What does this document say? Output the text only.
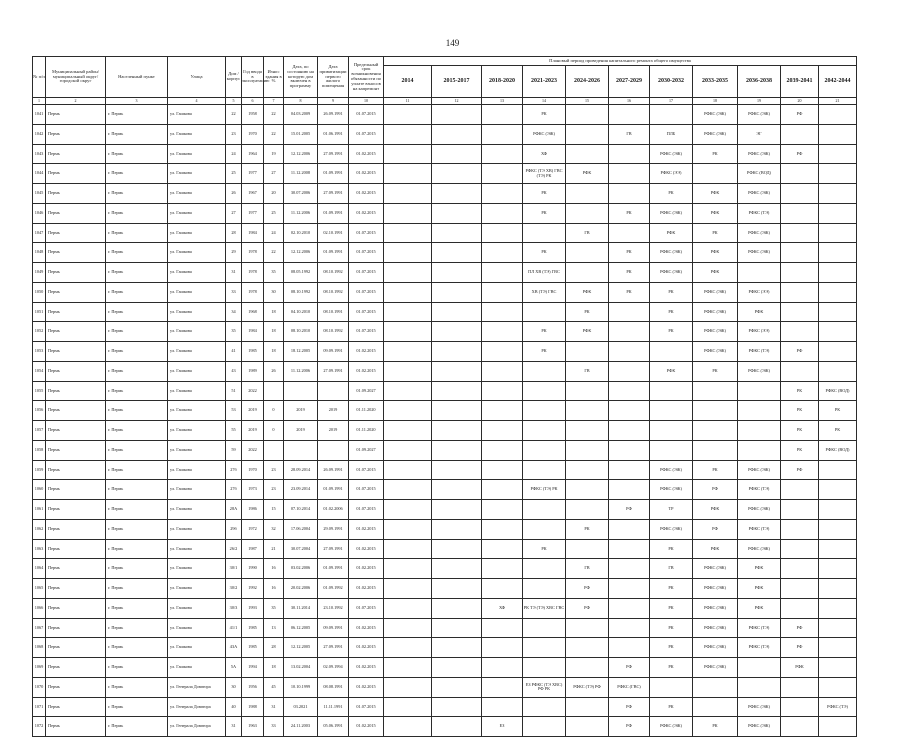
149
№ п/п	Муниципальный район/ муниципальный округ/ городской округ	Населенный пункт	Улица	Дом / корпус	Год ввода в эксплуатацию	Износ здания в %	Дата, по состоянию на которую дом включен в программу	Дата приватизации первого жилого помещения	Предельный срок возникновения обязанности по уплате взносов на капремонт	Плановый период проведения капитального ремонта общего имущества										
										2014	2015-2017	2018-2020	2021-2023	2024-2026	2027-2029	2030-2032	2033-2035	2036-2038	2039-2041	2042-2044
1	2	3	4	5	6	7	8	9	10	11	12	13	14	15	16	17	18	19	20	21
1041	Пермь	г. Пермь	ул. Гашкова	22	1958	22	04.03.2009	26.09.1991	01.07.2015				РК				РФКС (ЭЖ)	РФКС (ЭЖ)	РФ	
1042	Пермь	г. Пермь	ул. Гашкова	23	1970	22	15.01.2005	01.06.1991	01.07.2015				РФКС (ЭЖ)		ГВ	ПЛБ	РФКС (ЭЖ)	ЭГ		
1043	Пермь	г. Пермь	ул. Гашкова	24	1964	19	12.12.2006	27.09.1991	01.02.2015				ХФ			РФКС (ЭЖ)	РК	РФКС (ЭЖ)	РФ	
1044	Пермь	г. Пермь	ул. Гашкова	25	1977	27	11.12.2008	01.09.1991	01.02.2015				РФКС (ТЭ ХВ) ГВС (ТЭ) РК	РФК		РФКС (ЭЭ)		РФКС (ВОД)		
1045	Пермь	г. Пермь	ул. Гашкова	26	1967	20	30.07.2006	27.09.1991	01.02.2015				РК			РК	РФК	РФКС (ЭЖ)		
1046	Пермь	г. Пермь	ул. Гашкова	27	1977	25	11.12.2006	01.09.1991	01.02.2015				РК		РК	РФКС (ЭЖ)	РФК	РФКС (ТЭ)		
1047	Пермь	г. Пермь	ул. Гашкова	28	1984	24	02.10.2010	02.10.1991	01.07.2015					ГВ		РФК	РК	РФКС (ЭЖ)		
1048	Пермь	г. Пермь	ул. Гашкова	29	1978	22	12.12.2006	01.09.1991	01.07.2015				РК		РК	РФКС (ЭЖ)	РФК	РФКС (ЭЖ)		
1049	Пермь	г. Пермь	ул. Гашкова	31	1978	35	08.05.1992	08.10.1992	01.07.2015				ПЛ ХВ (ТЭ) ГВС		РК	РФКС (ЭЖ)	РФК			
1050	Пермь	г. Пермь	ул. Гашкова	33	1978	30	08.10.1992	08.10.1992	01.07.2015				ХВ (ТЭ) ГВС	РФК	РК	РК	РФКС (ЭЖ)	РФКС (ЭЭ)		
1051	Пермь	г. Пермь	ул. Гашкова	34	1968	18	04.10.2010	08.10.1991	01.07.2015					РК		РК	РФКС (ЭЖ)	РФК		
1052	Пермь	г. Пермь	ул. Гашкова	35	1984	18	08.10.2010	08.10.1992	01.07.2015				РК	РФК		РК	РФКС (ЭЖ)	РФКС (ЭЭ)		
1053	Пермь	г. Пермь	ул. Гашкова	41	1985	18	18.12.2005	09.09.1991	01.02.2015				РК				РФКС (ЭЖ)	РФКС (ТЭ)	РФ	
1054	Пермь	г. Пермь	ул. Гашкова	43	1989	26	11.12.2006	27.09.1991	01.02.2015					ГВ		РФК	РК	РФКС (ЭЖ)		
1055	Пермь	г. Пермь	ул. Гашкова	51	2022				01.09.2027										РК	РФКС (ВОД)
1056	Пермь	г. Пермь	ул. Гашкова	53	2019	0	2019	2019	01.11.2020										РК	РК
1057	Пермь	г. Пермь	ул. Гашкова	55	2019	0	2019	2019	01.11.2020										РК	РК
1058	Пермь	г. Пермь	ул. Гашкова	59	2022				01.09.2027										РК	РФКС (ВОД)
1059	Пермь	г. Пермь	ул. Гашкова	27б	1970	23	28.09.2014	26.09.1991	01.07.2015							РФКС (ЭЖ)	РК	РФКС (ЭЖ)	РФ	
1060	Пермь	г. Пермь	ул. Гашкова	27б	1973	23	23.09.2014	01.09.1991	01.07.2015				РФКС (ТЭ) РК			РФКС (ЭЖ)	РФ	РФКС (ТЭ)		
1061	Пермь	г. Пермь	ул. Гашкова	28А	1986	15	07.10.2014	01.02.2006	01.07.2015						РФ	ТР	РФК	РФКС (ЭЖ)		
1062	Пермь	г. Пермь	ул. Гашкова	29б	1972	32	17.06.2004	29.09.1991	01.02.2015					РК		РФКС (ЭЖ)	РФ	РФКС (ТЭ)		
1063	Пермь	г. Пермь	ул. Гашкова	26/2	1987	21	30.07.2004	27.09.1991	01.02.2015				РК			РК	РФК	РФКС (ЭЖ)		
1064	Пермь	г. Пермь	ул. Гашкова	30/1	1990	16	03.02.2006	01.09.1991	01.02.2015					ГВ		ГВ	РФКС (ЭЖ)	РФК		
1065	Пермь	г. Пермь	ул. Гашкова	30/2	1992	16	20.02.2006	01.09.1992	01.02.2015					РФ		РК	РФКС (ЭЖ)	РФК		
1066	Пермь	г. Пермь	ул. Гашкова	30/3	1993	35	30.11.2014	23.10.1992	01.07.2015			ХФ	РК ТЭ (ТЭ) ХВС ГВС	РФ		РК	РФКС (ЭЖ)	РФК		
1067	Пермь	г. Пермь	ул. Гашкова	41/1	1985	13	06.12.2005	09.09.1991	01.02.2015							РК	РФКС (ЭЖ)	РФКС (ТЭ)	РФ	
1068	Пермь	г. Пермь	ул. Гашкова	43А	1985	28	12.12.2005	27.09.1991	01.02.2015							РК	РФКС (ЭЖ)	РФКС (ТЭ)	РФ	
1069	Пермь	г. Пермь	ул. Гашкова	5А	1994	18	13.02.2004	02.09.1994	01.02.2015						РФ	РК	РФКС (ЭЖ)		РФК	
1070	Пермь	г. Пермь	ул. Генерала Доватора	30	1956	45	10.10.1999	08.08.1991	01.02.2015				ЕЗ РФКС (ТЭ ХВС) РФ РК	РФКС (ТЭ) РФ	РФКС (ГВС)					
1071	Пермь	г. Пермь	ул. Генерала Доватора	40	1988	31	03.2021	11.11.1991	01.07.2015						РФ	РК		РФКС (ЭЖ)		РФКС (ТЭ)
1072	Пермь	г. Пермь	ул. Генерала Доватора	31	1963	33	24.11.2003	05.06.1991	01.02.2015			ЕЗ			РФ	РФКС (ЭЖ)	РК	РФКС (ЭЖ)		
